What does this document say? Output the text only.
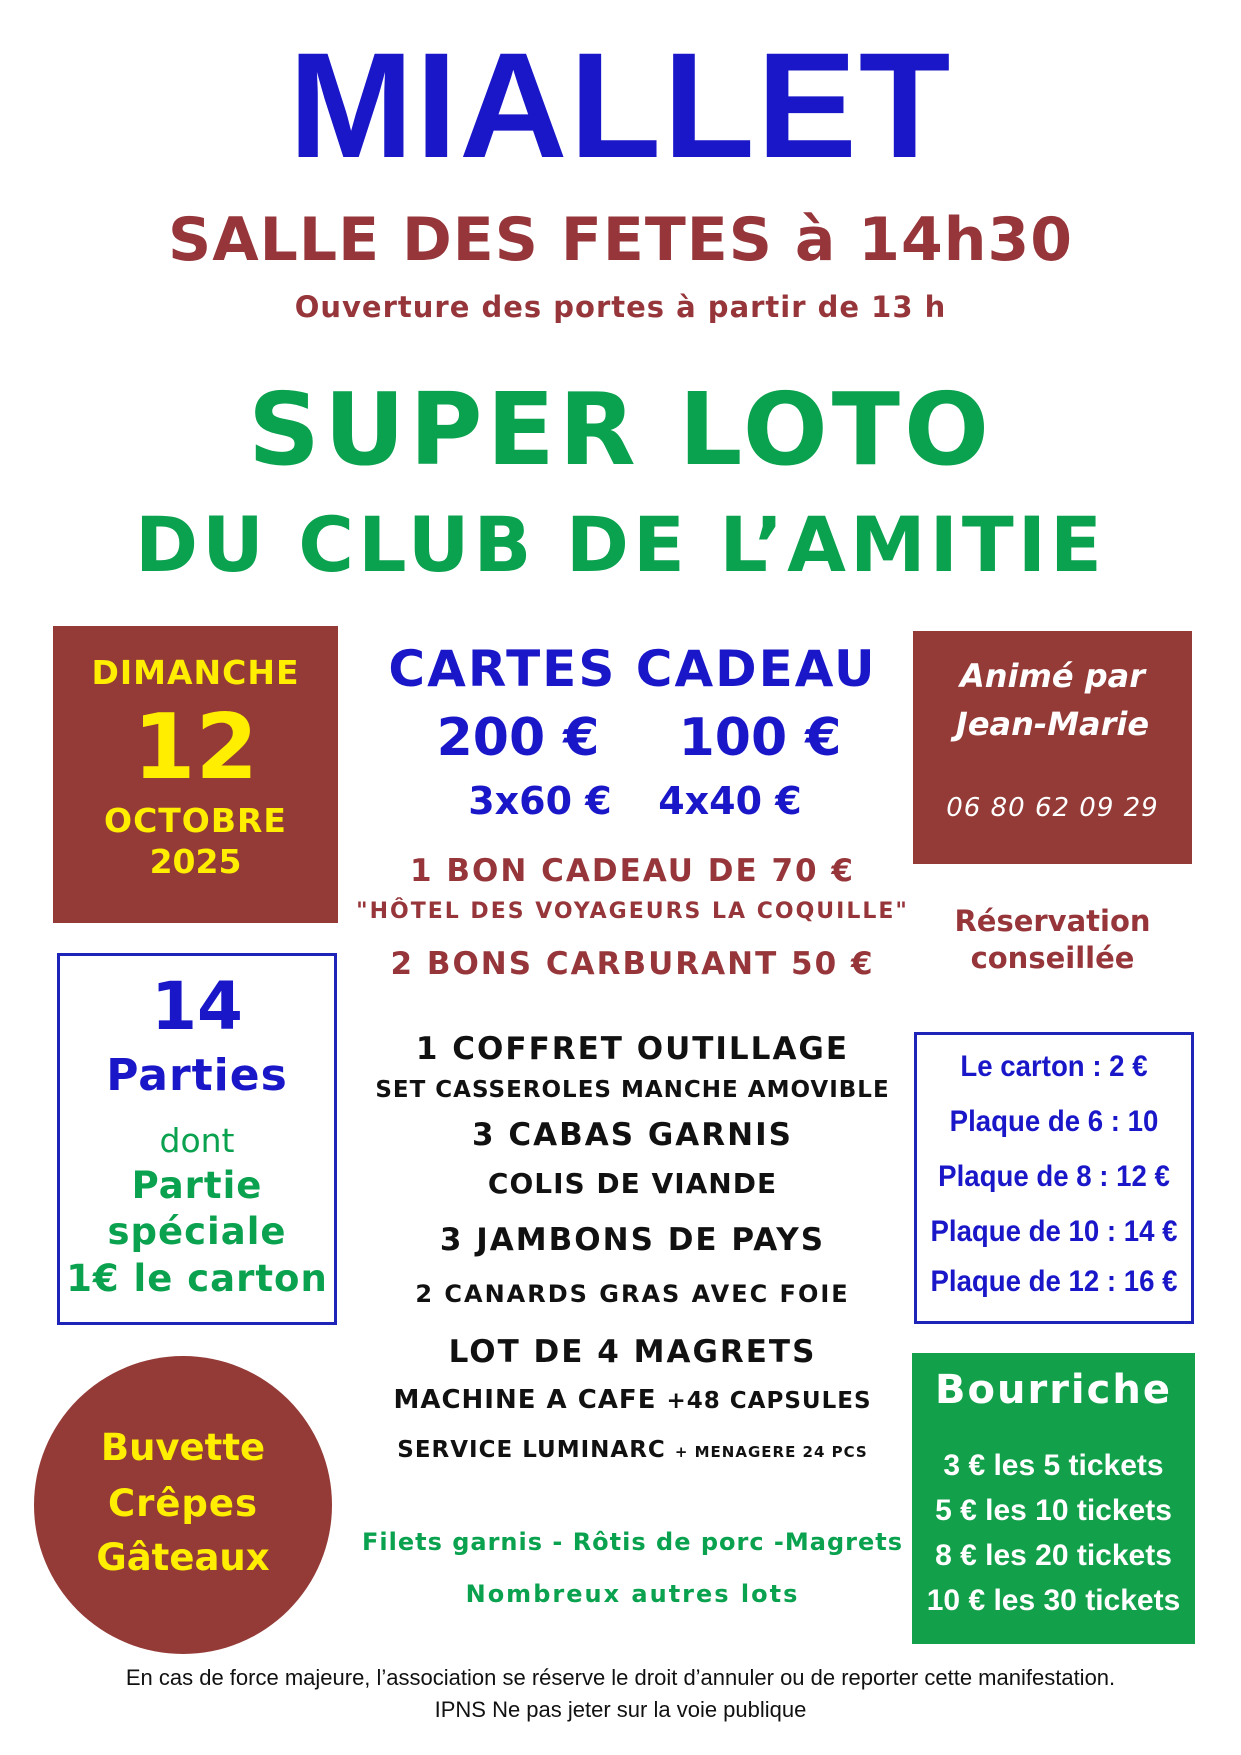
MIALLET
SALLE DES FETES à 14h30
Ouverture des portes à partir de 13 h
SUPER LOTO
DU CLUB DE L’AMITIE
DIMANCHE
12
OCTOBRE
2025
14
Parties
dont
Partie
spéciale
1€ le carton
Buvette
Crêpes
Gâteaux
CARTES CADEAU
200 €	100 €
3x60 €	4x40 €
1 BON CADEAU DE 70 €
"HÔTEL DES VOYAGEURS LA COQUILLE"
2 BONS CARBURANT 50 €
1 COFFRET OUTILLAGE
SET CASSEROLES MANCHE AMOVIBLE
3 CABAS GARNIS
COLIS DE VIANDE
3 JAMBONS DE PAYS
2 CANARDS GRAS AVEC FOIE
LOT DE 4 MAGRETS
MACHINE A CAFE +48 CAPSULES
SERVICE LUMINARC + MENAGERE 24 PCS
Filets garnis - Rôtis de porc -Magrets
Nombreux autres lots
Animé par
Jean-Marie
06 80 62 09 29
Réservation
conseillée
Le carton : 2 €
Plaque de 6 : 10
Plaque de 8 : 12 €
Plaque de 10 : 14 €
Plaque de 12 : 16 €
Bourriche
3 € les 5 tickets
5 € les 10 tickets
8 € les 20 tickets
10 € les 30 tickets
En cas de force majeure, l’association se réserve le droit d’annuler ou de reporter cette manifestation.
IPNS Ne pas jeter sur la voie publique
